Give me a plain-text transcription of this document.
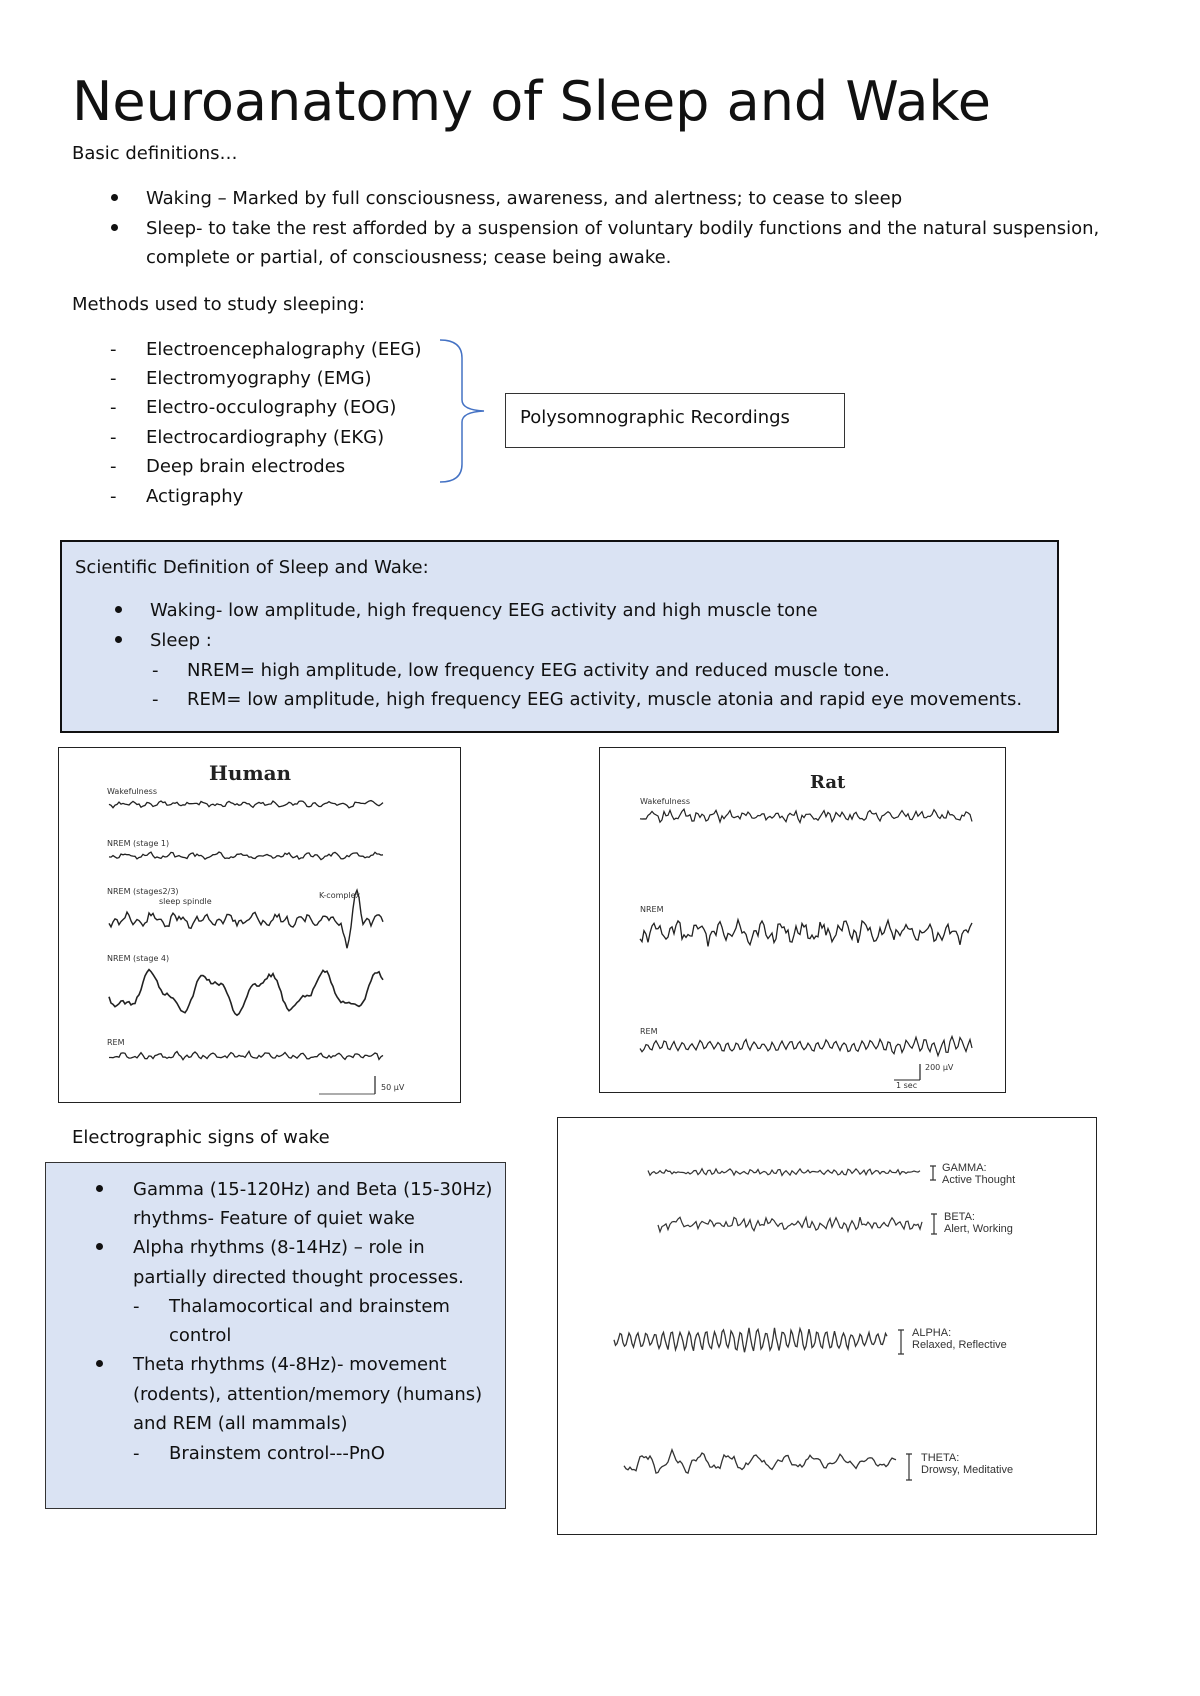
Neuroanatomy of Sleep and Wake
Basic definitions…
Waking – Marked by full consciousness, awareness, and alertness; to cease to sleep
Sleep- to take the rest afforded by a suspension of voluntary bodily functions and the natural suspension,
complete or partial, of consciousness; cease being awake.
Methods used to study sleeping:
- Electroencephalography (EEG)
- Electromyography (EMG)
- Electro-occulography (EOG)
- Electrocardiography (EKG)
- Deep brain electrodes
- Actigraphy
Polysomnographic Recordings
Scientific Definition of Sleep and Wake:
Waking- low amplitude, high frequency EEG activity and high muscle tone
Sleep :
- NREM= high amplitude, low frequency EEG activity and reduced muscle tone.
- REM= low amplitude, high frequency EEG activity, muscle atonia and rapid eye movements.
Human
Wakefulness
NREM (stage 1)
NREM (stages2/3)
sleep spindle
K-complex
NREM (stage 4)
REM
50 μV
Rat
Wakefulness
NREM
REM
200 μV
1 sec
Electrographic signs of wake
Gamma (15-120Hz) and Beta (15-30Hz)
rhythms- Feature of quiet wake
Alpha rhythms (8-14Hz) – role in
partially directed thought processes.
- Thalamocortical and brainstem
control
Theta rhythms (4-8Hz)- movement
(rodents), attention/memory (humans)
and REM (all mammals)
- Brainstem control---PnO
GAMMA:
Active Thought
BETA:
Alert, Working
ALPHA:
Relaxed, Reflective
THETA:
Drowsy, Meditative
